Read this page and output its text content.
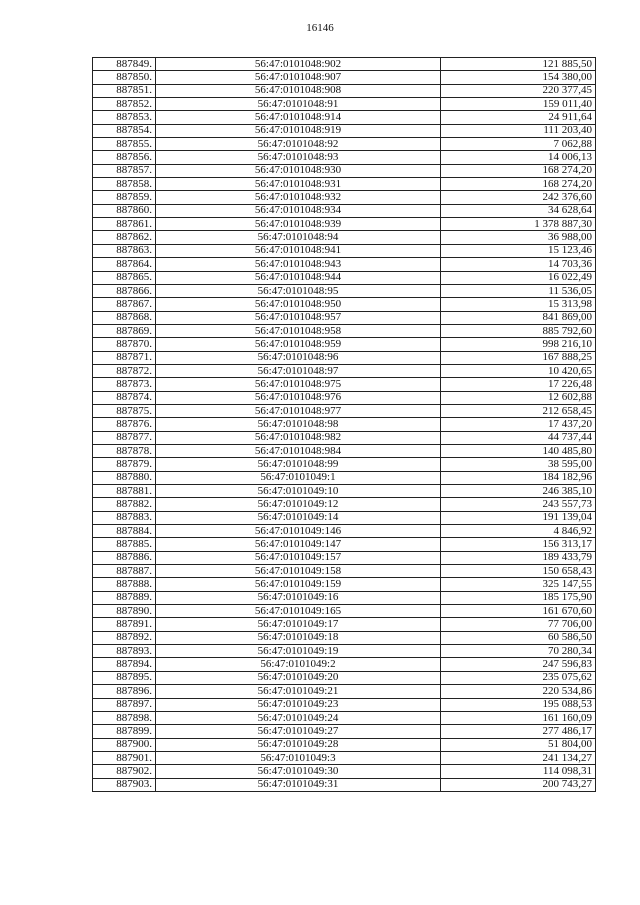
16146
887849.	56:47:0101048:902	121 885,50
887850.	56:47:0101048:907	154 380,00
887851.	56:47:0101048:908	220 377,45
887852.	56:47:0101048:91	159 011,40
887853.	56:47:0101048:914	24 911,64
887854.	56:47:0101048:919	111 203,40
887855.	56:47:0101048:92	7 062,88
887856.	56:47:0101048:93	14 006,13
887857.	56:47:0101048:930	168 274,20
887858.	56:47:0101048:931	168 274,20
887859.	56:47:0101048:932	242 376,60
887860.	56:47:0101048:934	34 628,64
887861.	56:47:0101048:939	1 378 887,30
887862.	56:47:0101048:94	36 988,00
887863.	56:47:0101048:941	15 123,46
887864.	56:47:0101048:943	14 703,36
887865.	56:47:0101048:944	16 022,49
887866.	56:47:0101048:95	11 536,05
887867.	56:47:0101048:950	15 313,98
887868.	56:47:0101048:957	841 869,00
887869.	56:47:0101048:958	885 792,60
887870.	56:47:0101048:959	998 216,10
887871.	56:47:0101048:96	167 888,25
887872.	56:47:0101048:97	10 420,65
887873.	56:47:0101048:975	17 226,48
887874.	56:47:0101048:976	12 602,88
887875.	56:47:0101048:977	212 658,45
887876.	56:47:0101048:98	17 437,20
887877.	56:47:0101048:982	44 737,44
887878.	56:47:0101048:984	140 485,80
887879.	56:47:0101048:99	38 595,00
887880.	56:47:0101049:1	184 182,96
887881.	56:47:0101049:10	246 385,10
887882.	56:47:0101049:12	243 557,73
887883.	56:47:0101049:14	191 139,04
887884.	56:47:0101049:146	4 846,92
887885.	56:47:0101049:147	156 313,17
887886.	56:47:0101049:157	189 433,79
887887.	56:47:0101049:158	150 658,43
887888.	56:47:0101049:159	325 147,55
887889.	56:47:0101049:16	185 175,90
887890.	56:47:0101049:165	161 670,60
887891.	56:47:0101049:17	77 706,00
887892.	56:47:0101049:18	60 586,50
887893.	56:47:0101049:19	70 280,34
887894.	56:47:0101049:2	247 596,83
887895.	56:47:0101049:20	235 075,62
887896.	56:47:0101049:21	220 534,86
887897.	56:47:0101049:23	195 088,53
887898.	56:47:0101049:24	161 160,09
887899.	56:47:0101049:27	277 486,17
887900.	56:47:0101049:28	51 804,00
887901.	56:47:0101049:3	241 134,27
887902.	56:47:0101049:30	114 098,31
887903.	56:47:0101049:31	200 743,27
